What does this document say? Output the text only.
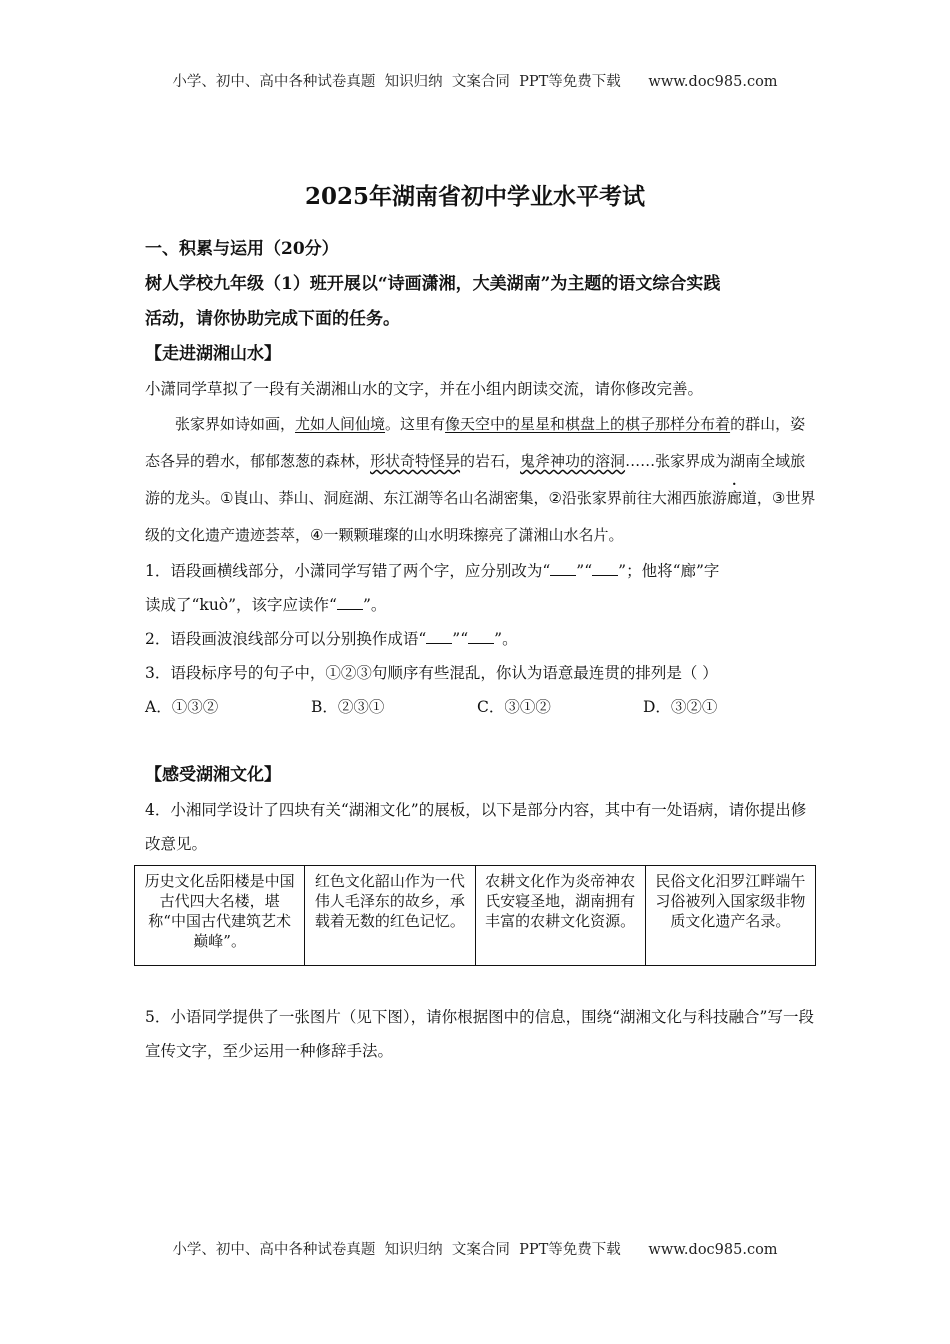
小学、初中、高中各种试卷真题  知识归纳  文案合同  PPT等免费下载      www.doc985.com
2025年湖南省初中学业水平考试
一、积累与运用（20分）
树人学校九年级（1）班开展以“诗画潇湘，大美湖南”为主题的语文综合实践
活动，请你协助完成下面的任务。
【走进湖湘山水】
小潇同学草拟了一段有关湖湘山水的文字，并在小组内朗读交流，请你修改完善。
张家界如诗如画，尤如人间仙境。这里有像天空中的星星和棋盘上的棋子那样分布着的群山，姿态各异的碧水，郁郁葱葱的森林，形状奇特怪异的岩石，鬼斧神功的溶洞……张家界成为湖南全域旅游的龙头。①崀山、莽山、洞庭湖、东江湖等名山名湖密集，②沿张家界前往大湘西旅游廊道，③世界级的文化遗产遗迹荟萃，④一颗颗璀璨的山水明珠擦亮了潇湘山水名片。
1．语段画横线部分，小潇同学写错了两个字，应分别改为“ ”“ ”；他将“廊”字
读成了“kuò”，该字应读作“ ”。
2．语段画波浪线部分可以分别换作成语“ ”“ ”。
3．语段标序号的句子中，①②③句顺序有些混乱，你认为语意最连贯的排列是（ ）
A．①③②	B．②③①	C．③①②	D．③②①
【感受湖湘文化】
4．小湘同学设计了四块有关“湖湘文化”的展板，以下是部分内容，其中有一处语病，请你提出修改意见。
历史文化岳阳楼是中国古代四大名楼，堪称“中国古代建筑艺术巅峰”。	红色文化韶山作为一代伟人毛泽东的故乡，承载着无数的红色记忆。	农耕文化作为炎帝神农氏安寝圣地，湖南拥有丰富的农耕文化资源。	民俗文化汨罗江畔端午习俗被列入国家级非物质文化遗产名录。
5．小语同学提供了一张图片（见下图），请你根据图中的信息，围绕“湖湘文化与科技融合”写一段宣传文字，至少运用一种修辞手法。
小学、初中、高中各种试卷真题  知识归纳  文案合同  PPT等免费下载      www.doc985.com
